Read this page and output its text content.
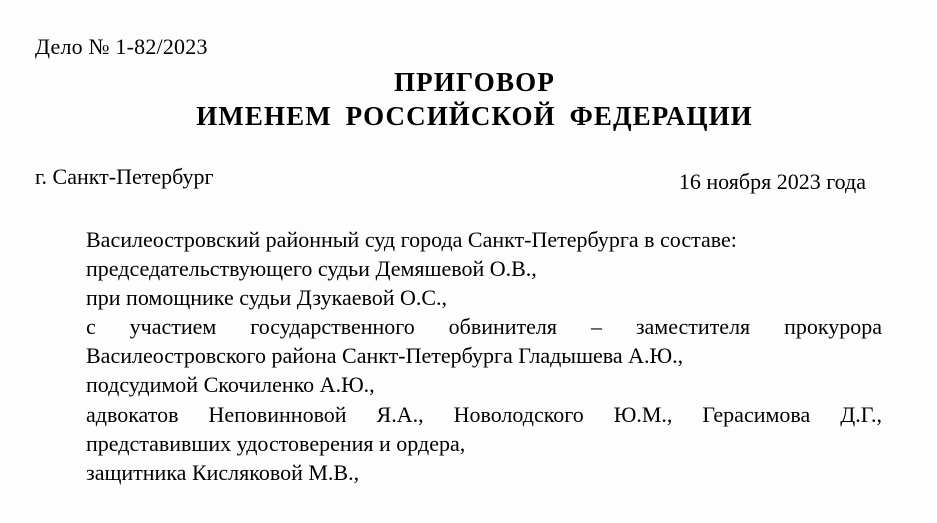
Дело № 1-82/2023
ПРИГОВОР
ИМЕНЕМ РОССИЙСКОЙ ФЕДЕРАЦИИ
г. Санкт-Петербург	16 ноября 2023 года
Василеостровский районный суд города Санкт-Петербурга в составе:
председательствующего судьи Демяшевой О.В.,
при помощнике судьи Дзукаевой О.С.,
с участием государственного обвинителя – заместителя прокурора
Василеостровского района Санкт-Петербурга Гладышева А.Ю.,
подсудимой Скочиленко А.Ю.,
адвокатов Неповинновой Я.А., Новолодского Ю.М., Герасимова Д.Г.,
представивших удостоверения и ордера,
защитника Кисляковой М.В.,
